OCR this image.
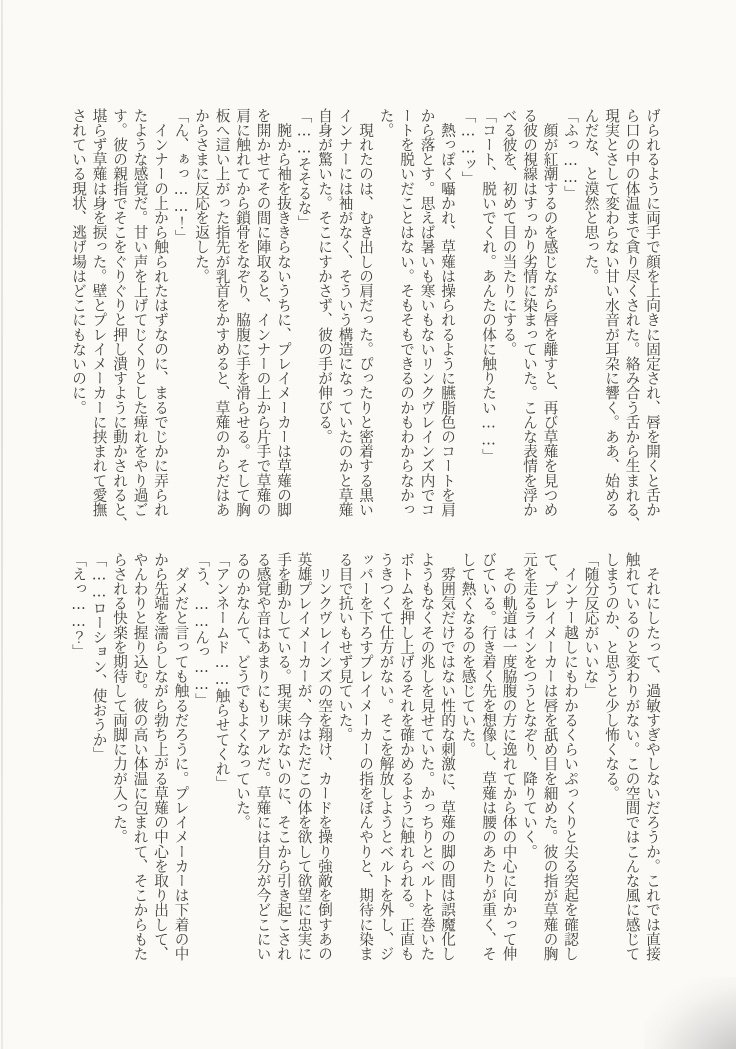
げられるように両手で顔を上向きに固定され、唇を開くと舌か
ら口の中の体温まで貪り尽くされた。絡み合う舌から生まれる、
現実とさして変わらない甘い水音が耳朶に響く。ああ、始める
んだな、と漠然と思った。
「ふっ……」
　顔が紅潮するのを感じながら唇を離すと、再び草薙を見つめ
る彼の視線はすっかり劣情に染まっていた。こんな表情を浮か
べる彼を、初めて目の当たりにする。
「コート、脱いでくれ。あんたの体に触りたい……」
「……ッ」
　熱っぽく囁かれ、草薙は操られるように臙脂色のコートを肩
から落とす。思えば暑いも寒いもないリンクヴレインズ内でコ
ートを脱いだことはない。そもそもできるのかもわからなかっ
た。
　現れたのは、むき出しの肩だった。ぴったりと密着する黒い
インナーには袖がなく、そういう構造になっていたのかと草薙
自身が驚いた。そこにすかさず、彼の手が伸びる。
「……そそるな」
　腕から袖を抜ききらないうちに、プレイメーカーは草薙の脚
を開かせてその間に陣取ると、インナーの上から片手で草薙の
肩に触れてから鎖骨をなぞり、脇腹に手を滑らせる。そして胸
板へ這い上がった指先が乳首をかすめると、草薙のからだはあ
からさまに反応を返した。
「ん、ぁっ……！」
　インナーの上から触られたはずなのに、まるでじかに弄られ
たような感覚だ。甘い声を上げてじくりとした痺れをやり過ご
す。彼の親指でそこをぐりぐりと押し潰すように動かされると、
堪らず草薙は身を捩った。壁とプレイメーカーに挟まれて愛撫
されている現状、逃げ場はどこにもないのに。
　それにしたって、過敏すぎやしないだろうか。これでは直接
触れているのと変わりがない。この空間ではこんな風に感じて
しまうのか、と思うと少し怖くなる。
「随分反応がいいな」
　インナー越しにもわかるくらいぷっくりと尖る突起を確認し
て、プレイメーカーは唇を舐め目を細めた。彼の指が草薙の胸
元を走るラインをつうとなぞり、降りていく。
　その軌道は一度脇腹の方に逸れてから体の中心に向かって伸
びている。行き着く先を想像し、草薙は腰のあたりが重く、そ
して熱くなるのを感じていた。
　雰囲気だけではない性的な刺激に、草薙の脚の間は誤魔化し
ようもなくその兆しを見せていた。かっちりとベルトを巻いた
ボトムを押し上げるそれを確かめるように触れられる。正直も
うきつくて仕方がない。そこを解放しようとベルトを外し、ジ
ッパーを下ろすプレイメーカーの指をぼんやりと、期待に染ま
る目で抗いもせず見ていた。
　リンクヴレインズの空を翔け、カードを操り強敵を倒すあの
英雄プレイメーカーが、今はただこの体を欲して欲望に忠実に
手を動かしている。現実味がないのに、そこから引き起こされ
る感覚や音はあまりにもリアルだ。草薙には自分が今どこにい
るのかなんて、どうでもよくなっていた。
「アンネームド……触らせてくれ」
「う、……んっ……」
　ダメだと言っても触るだろうに。プレイメーカーは下着の中
から先端を濡らしながら勃ち上がる草薙の中心を取り出して、
やんわりと握り込む。彼の高い体温に包まれて、そこからもた
らされる快楽を期待して両脚に力が入った。
「……ローション、使おうか」
「えっ……？」
